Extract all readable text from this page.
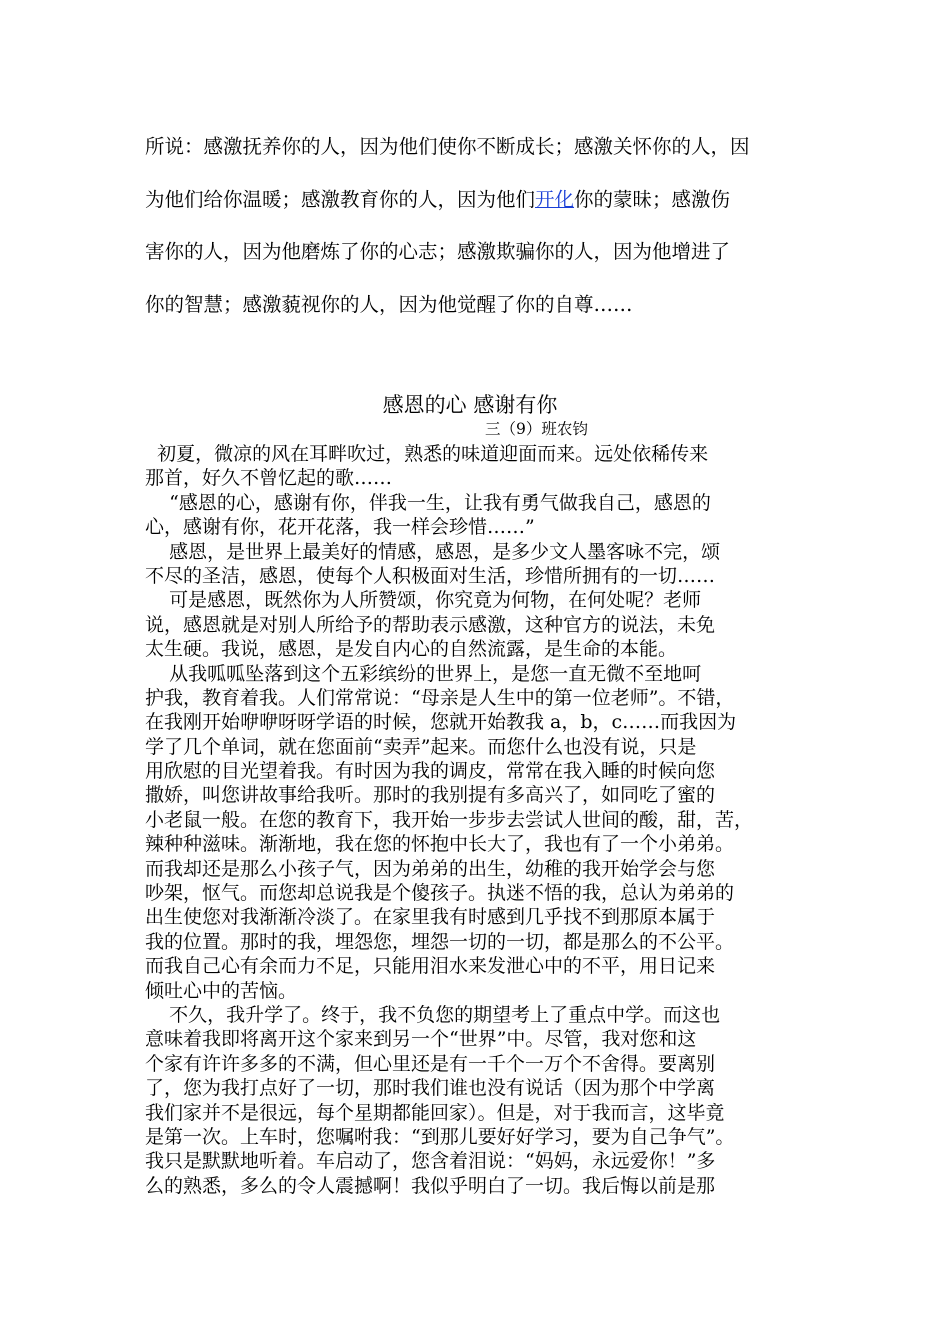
所说：感激抚养你的人，因为他们使你不断成长；感激关怀你的人，因
为他们给你温暖；感激教育你的人，因为他们开化你的蒙昧；感激伤
害你的人，因为他磨炼了你的心志；感激欺骗你的人，因为他增进了
你的智慧；感激藐视你的人，因为他觉醒了你的自尊……
感恩的心 感谢有你
三（9）班农钧
初夏，微凉的风在耳畔吹过，熟悉的味道迎面而来。远处依稀传来
那首，好久不曾忆起的歌……
“感恩的心，感谢有你，伴我一生，让我有勇气做我自己，感恩的
心，感谢有你，花开花落，我一样会珍惜……”
感恩，是世界上最美好的情感，感恩，是多少文人墨客咏不完，颂
不尽的圣洁，感恩，使每个人积极面对生活，珍惜所拥有的一切……
可是感恩，既然你为人所赞颂，你究竟为何物，在何处呢？老师
说，感恩就是对别人所给予的帮助表示感激，这种官方的说法，未免
太生硬。我说，感恩，是发自内心的自然流露，是生命的本能。
从我呱呱坠落到这个五彩缤纷的世界上，是您一直无微不至地呵
护我，教育着我。人们常常说：“母亲是人生中的第一位老师”。不错，
在我刚开始咿咿呀呀学语的时候，您就开始教我 a，b，c……而我因为
学了几个单词，就在您面前“卖弄”起来。而您什么也没有说，只是
用欣慰的目光望着我。有时因为我的调皮，常常在我入睡的时候向您
撒娇，叫您讲故事给我听。那时的我别提有多高兴了，如同吃了蜜的
小老鼠一般。在您的教育下，我开始一步步去尝试人世间的酸，甜，苦，
辣种种滋味。渐渐地，我在您的怀抱中长大了，我也有了一个小弟弟。
而我却还是那么小孩子气，因为弟弟的出生，幼稚的我开始学会与您
吵架，怄气。而您却总说我是个傻孩子。执迷不悟的我，总认为弟弟的
出生使您对我渐渐冷淡了。在家里我有时感到几乎找不到那原本属于
我的位置。那时的我，埋怨您，埋怨一切的一切，都是那么的不公平。
而我自己心有余而力不足，只能用泪水来发泄心中的不平，用日记来
倾吐心中的苦恼。
不久，我升学了。终于，我不负您的期望考上了重点中学。而这也
意味着我即将离开这个家来到另一个“世界”中。尽管，我对您和这
个家有许许多多的不满，但心里还是有一千个一万个不舍得。要离别
了，您为我打点好了一切，那时我们谁也没有说话（因为那个中学离
我们家并不是很远，每个星期都能回家）。但是，对于我而言，这毕竟
是第一次。上车时，您嘱咐我：“到那儿要好好学习，要为自己争气”。
我只是默默地听着。车启动了，您含着泪说：“妈妈，永远爱你！”多
么的熟悉，多么的令人震撼啊！我似乎明白了一切。我后悔以前是那
